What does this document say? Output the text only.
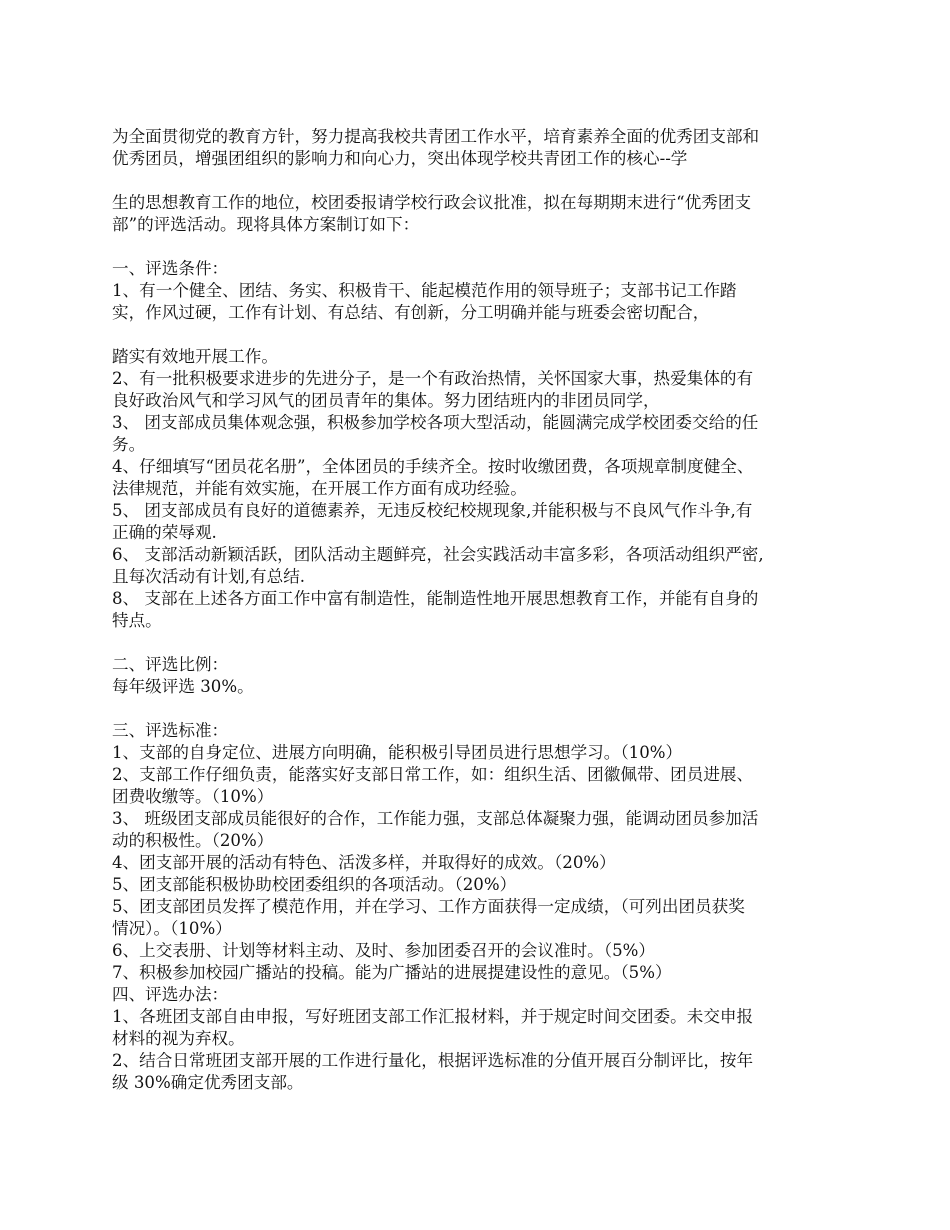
为全面贯彻党的教育方针，努力提高我校共青团工作水平，培育素养全面的优秀团支部和
优秀团员，增强团组织的影响力和向心力，突出体现学校共青团工作的核心--学
生的思想教育工作的地位，校团委报请学校行政会议批准，拟在每期期末进行“优秀团支
部”的评选活动。现将具体方案制订如下：
一、评选条件：
1、有一个健全、团结、务实、积极肯干、能起模范作用的领导班子；支部书记工作踏
实，作风过硬，工作有计划、有总结、有创新，分工明确并能与班委会密切配合，
踏实有效地开展工作。
2、有一批积极要求进步的先进分子，是一个有政治热情，关怀国家大事，热爱集体的有
良好政治风气和学习风气的团员青年的集体。努力团结班内的非团员同学，
3、 团支部成员集体观念强，积极参加学校各项大型活动，能圆满完成学校团委交给的任
务。
4、仔细填写“团员花名册”，全体团员的手续齐全。按时收缴团费，各项规章制度健全、
法律规范，并能有效实施，在开展工作方面有成功经验。
5、 团支部成员有良好的道德素养，无违反校纪校规现象,并能积极与不良风气作斗争,有
正确的荣辱观.
6、 支部活动新颖活跃，团队活动主题鲜亮，社会实践活动丰富多彩，各项活动组织严密,
且每次活动有计划,有总结.
8、 支部在上述各方面工作中富有制造性，能制造性地开展思想教育工作，并能有自身的
特点。
二、评选比例：
每年级评选 30%。
三、评选标准：
1、支部的自身定位、进展方向明确，能积极引导团员进行思想学习。（10%）
2、支部工作仔细负责，能落实好支部日常工作，如：组织生活、团徽佩带、团员进展、
团费收缴等。（10%）
3、 班级团支部成员能很好的合作，工作能力强，支部总体凝聚力强，能调动团员参加活
动的积极性。（20%）
4、团支部开展的活动有特色、活泼多样，并取得好的成效。（20%）
5、团支部能积极协助校团委组织的各项活动。（20%）
5、团支部团员发挥了模范作用，并在学习、工作方面获得一定成绩，（可列出团员获奖
情况）。（10%）
6、上交表册、计划等材料主动、及时、参加团委召开的会议准时。（5%）
7、积极参加校园广播站的投稿。能为广播站的进展提建设性的意见。（5%）
四、评选办法：
1、各班团支部自由申报，写好班团支部工作汇报材料，并于规定时间交团委。未交申报
材料的视为弃权。
2、结合日常班团支部开展的工作进行量化，根据评选标准的分值开展百分制评比，按年
级 30%确定优秀团支部。
